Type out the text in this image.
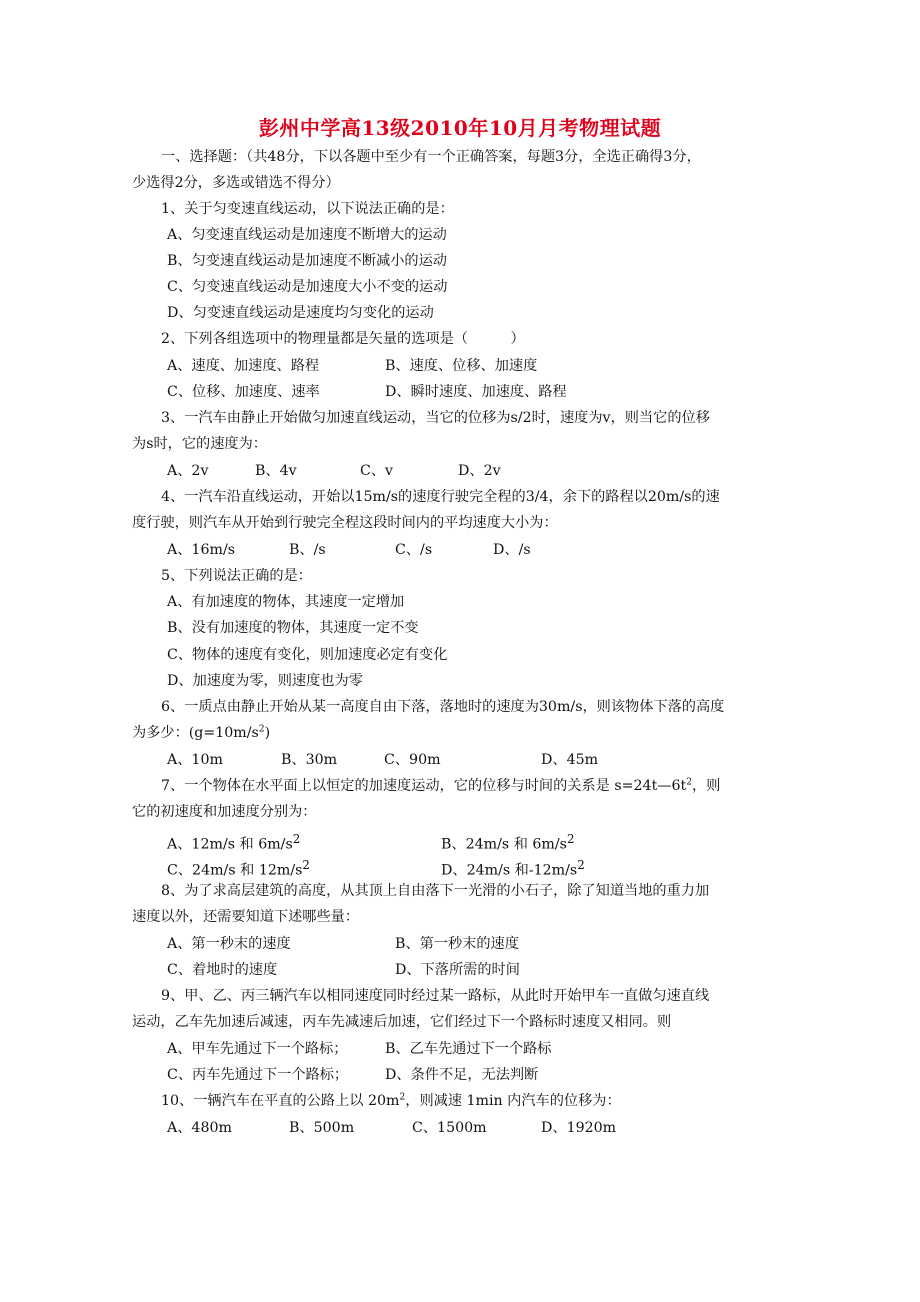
彭州中学高13级2010年10月月考物理试题
一、选择题：（共48分，下以各题中至少有一个正确答案，每题3分，全选正确得3分，
少选得2分，多选或错选不得分）
1、关于匀变速直线运动，以下说法正确的是：
A、匀变速直线运动是加速度不断增大的运动
B、匀变速直线运动是加速度不断减小的运动
C、匀变速直线运动是加速度大小不变的运动
D、匀变速直线运动是速度均匀变化的运动
2、下列各组选项中的物理量都是矢量的选项是（　　　）
A、速度、加速度、路程	B、速度、位移、加速度
C、位移、加速度、速率	D、瞬时速度、加速度、路程
3、一汽车由静止开始做匀加速直线运动，当它的位移为s/2时，速度为v，则当它的位移
为s时，它的速度为：
A、2v	B、4v	C、v	D、2v
4、一汽车沿直线运动，开始以15m/s的速度行驶完全程的3/4，余下的路程以20m/s的速
度行驶，则汽车从开始到行驶完全程这段时间内的平均速度大小为：
A、16m/s	B、/s	C、/s	D、/s
5、下列说法正确的是：
A、有加速度的物体，其速度一定增加
B、没有加速度的物体，其速度一定不变
C、物体的速度有变化，则加速度必定有变化
D、加速度为零，则速度也为零
6、一质点由静止开始从某一高度自由下落，落地时的速度为30m/s，则该物体下落的高度
为多少：$(g=10m/s^2)$
A、10m	B、30m	C、90m	D、45m
7、一个物体在水平面上以恒定的加速度运动，它的位移与时间的关系是 $s=24t—6t^2$，则
它的初速度和加速度分别为：
A、12m/s 和 $6m/s^2$	B、24m/s 和 $6m/s^2$
C、24m/s 和 $12m/s^2$	D、24m/s 和$-12m/s^2$
8、为了求高层建筑的高度，从其顶上自由落下一光滑的小石子，除了知道当地的重力加
速度以外，还需要知道下述哪些量：
A、第一秒末的速度	B、第一秒末的速度
C、着地时的速度	D、下落所需的时间
9、甲、乙、丙三辆汽车以相同速度同时经过某一路标，从此时开始甲车一直做匀速直线
运动，乙车先加速后减速，丙车先减速后加速，它们经过下一个路标时速度又相同。则
A、甲车先通过下一个路标；	B、乙车先通过下一个路标
C、丙车先通过下一个路标；	D、条件不足，无法判断
10、一辆汽车在平直的公路上以 $20m^2$，则减速 1min 内汽车的位移为：
A、480m	B、500m	C、1500m	D、1920m
